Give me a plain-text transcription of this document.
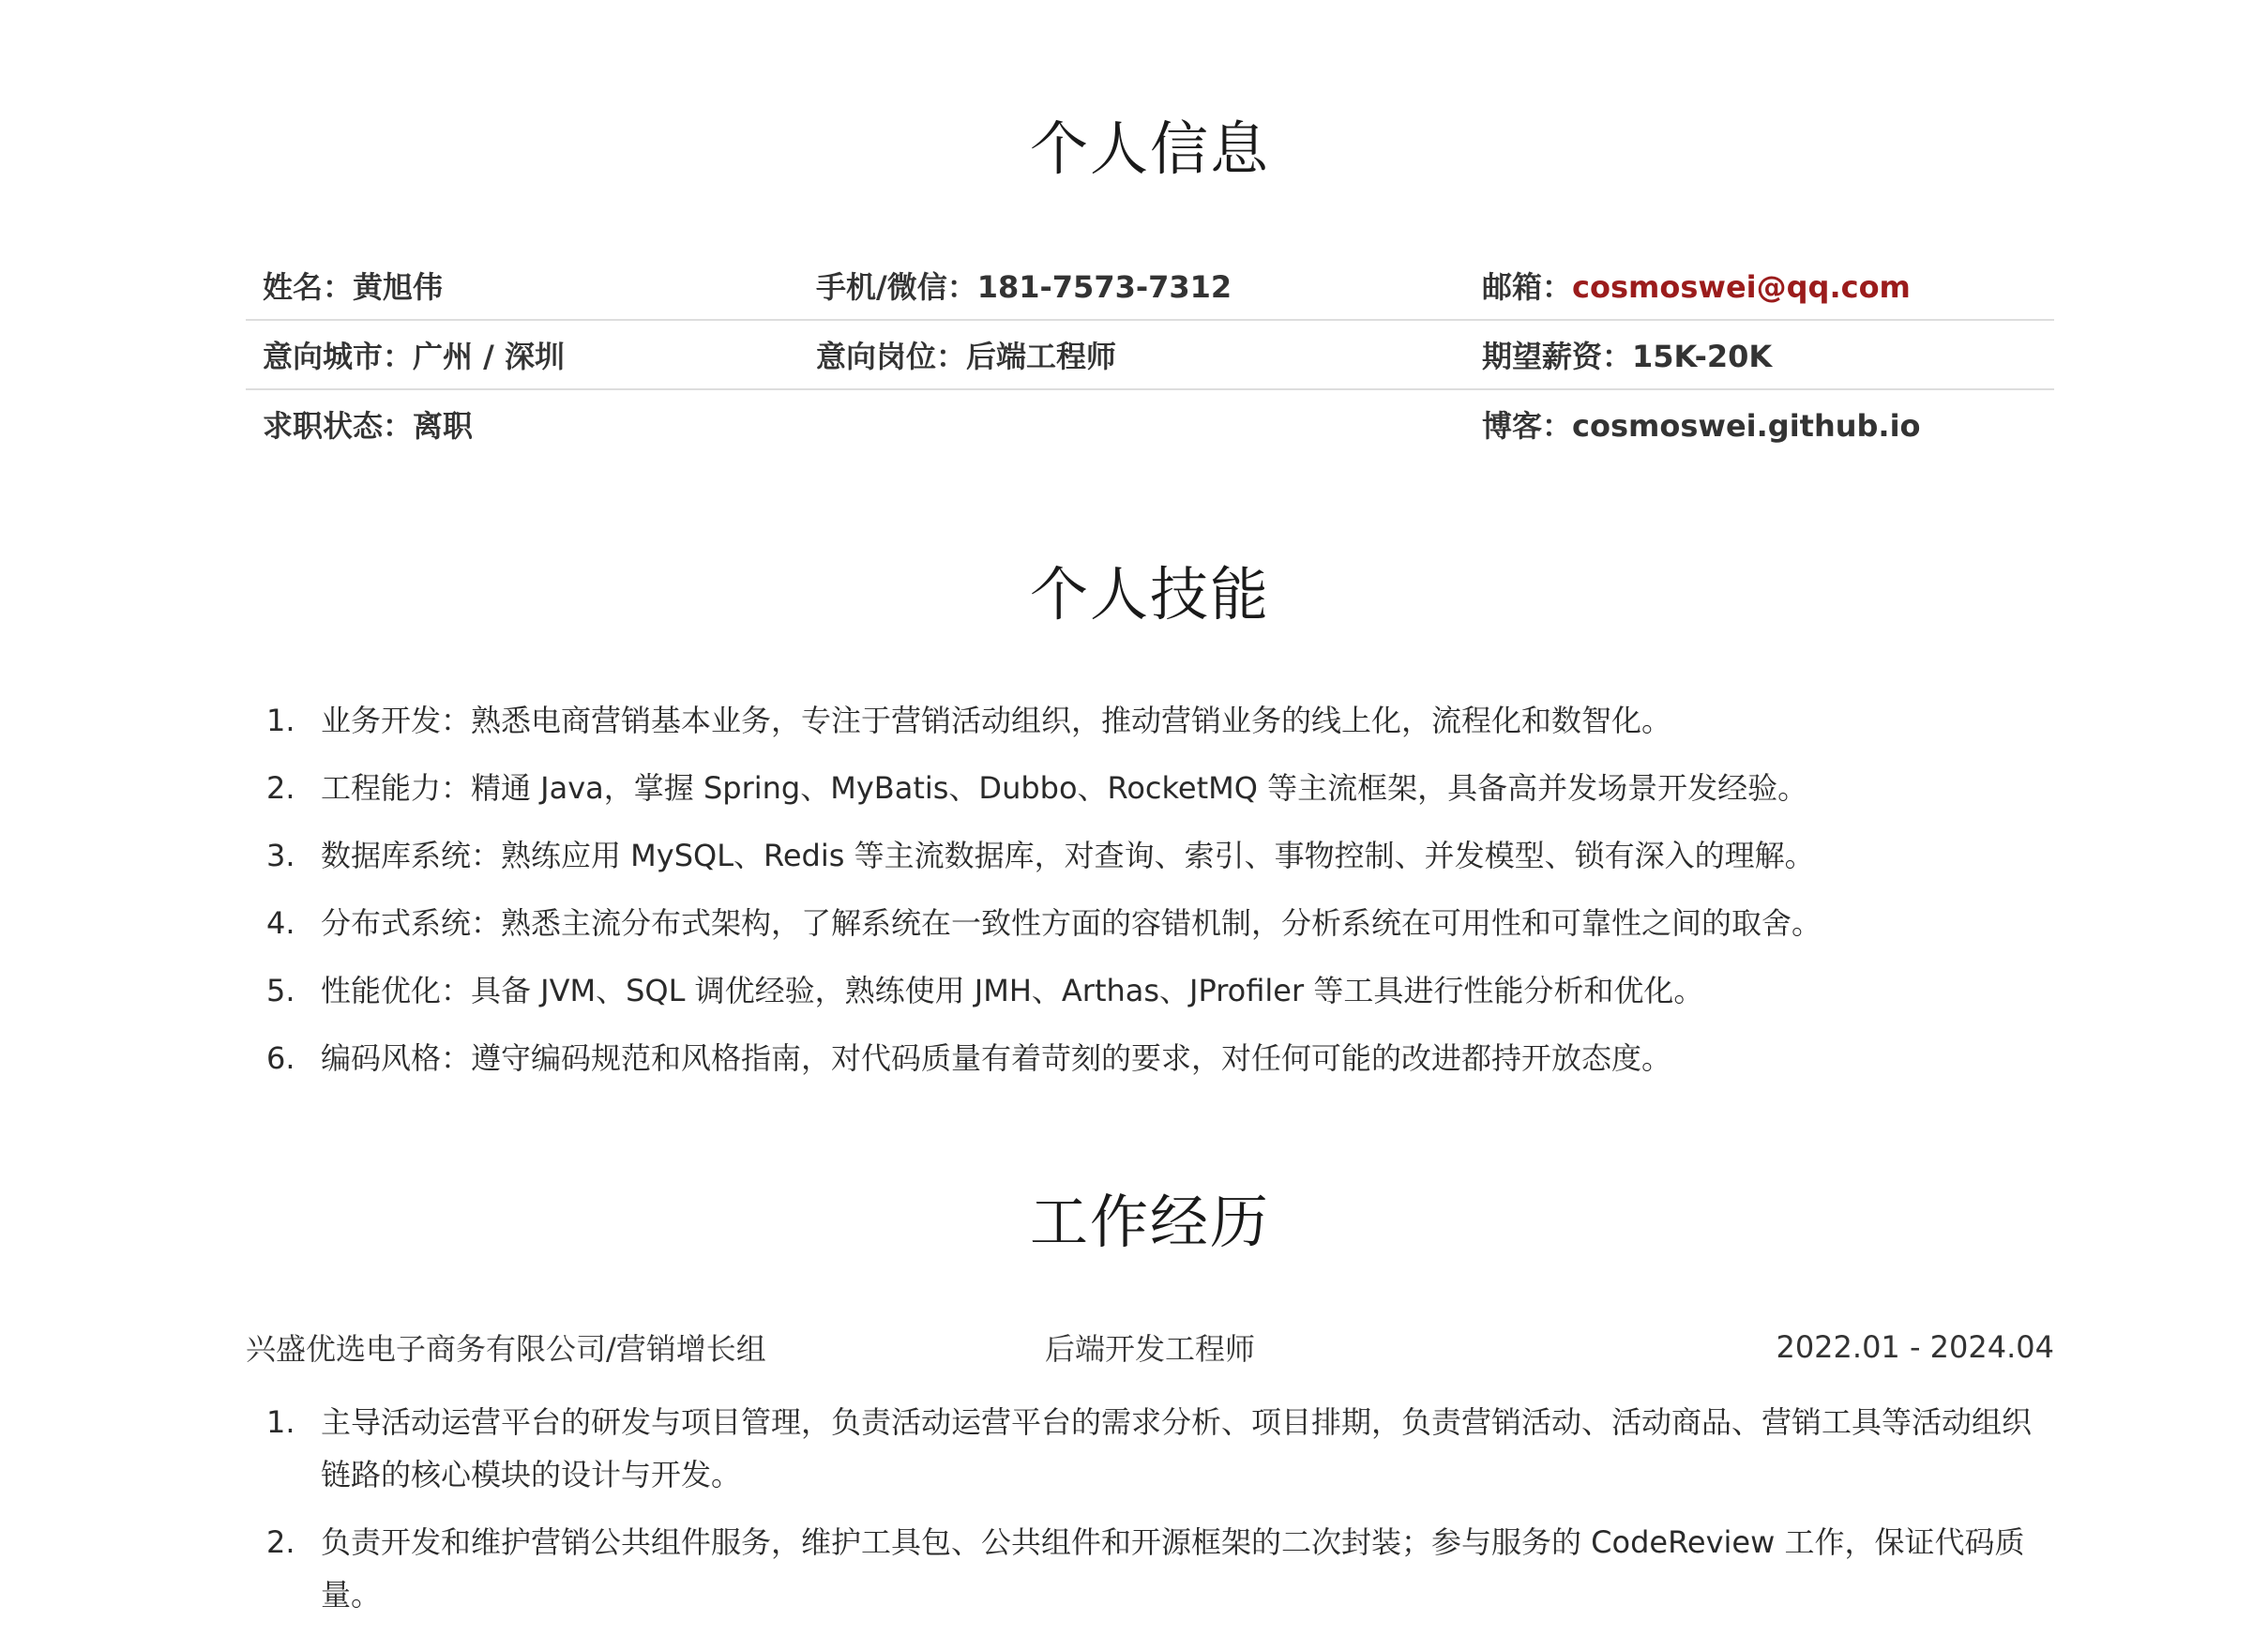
个人信息
姓名：黄旭伟	手机/微信：181-7573-7312	邮箱：cosmoswei@qq.com
意向城市：广州 / 深圳	意向岗位：后端工程师	期望薪资：15K-20K
求职状态：离职		博客：cosmoswei.github.io
个人技能
1. 业务开发：熟悉电商营销基本业务，专注于营销活动组织，推动营销业务的线上化，流程化和数智化。
2. 工程能力：精通 Java，掌握 Spring、MyBatis、Dubbo、RocketMQ 等主流框架，具备高并发场景开发经验。
3. 数据库系统：熟练应用 MySQL、Redis 等主流数据库，对查询、索引、事物控制、并发模型、锁有深入的理解。
4. 分布式系统：熟悉主流分布式架构，了解系统在一致性方面的容错机制，分析系统在可用性和可靠性之间的取舍。
5. 性能优化：具备 JVM、SQL 调优经验，熟练使用 JMH、Arthas、JProfiler 等工具进行性能分析和优化。
6. 编码风格：遵守编码规范和风格指南，对代码质量有着苛刻的要求，对任何可能的改进都持开放态度。
工作经历
兴盛优选电子商务有限公司/营销增长组	后端开发工程师	2022.01 - 2024.04
1. 主导活动运营平台的研发与项目管理，负责活动运营平台的需求分析、项目排期，负责营销活动、活动商品、营销工具等活动组织链路的核心模块的设计与开发。
2. 负责开发和维护营销公共组件服务，维护工具包、公共组件和开源框架的二次封装；参与服务的 CodeReview 工作，保证代码质量。
